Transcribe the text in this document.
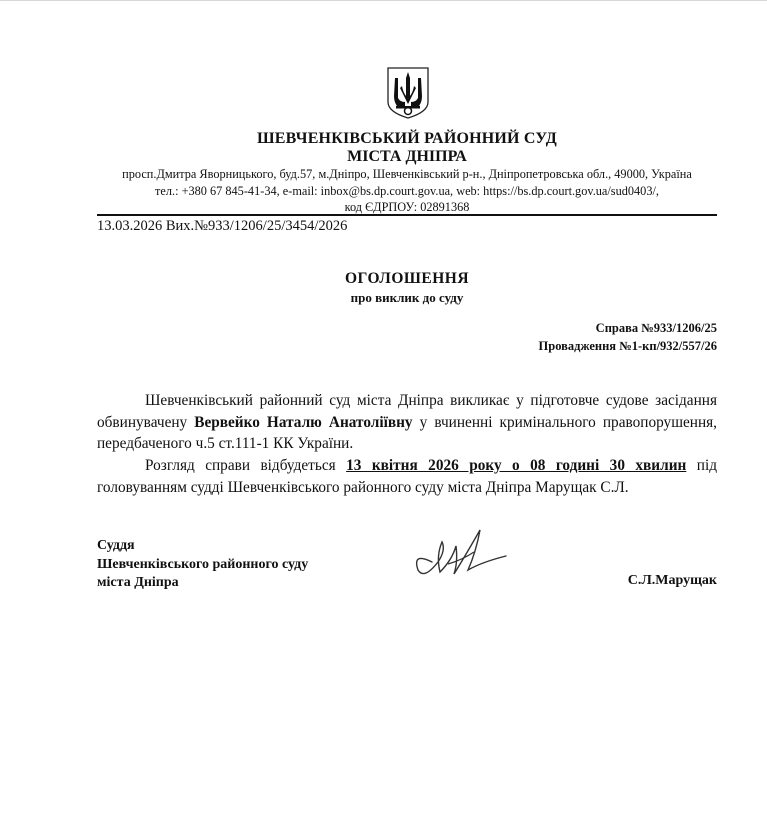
ШЕВЧЕНКІВСЬКИЙ РАЙОННИЙ СУД
МІСТА ДНІПРА
просп.Дмитра Яворницького, буд.57, м.Дніпро, Шевченківський р-н., Дніпропетровська обл., 49000, Україна
тел.: +380 67 845-41-34, e-mail: inbox@bs.dp.court.gov.ua, web: https://bs.dp.court.gov.ua/sud0403/,
код ЄДРПОУ: 02891368
13.03.2026 Вих.№933/1206/25/3454/2026
ОГОЛОШЕННЯ
про виклик до суду
Справа №933/1206/25
Провадження №1-кп/932/557/26
Шевченківський районний суд міста Дніпра викликає у підготовче судове засідання обвинувачену Вервейко Наталю Анатоліївну у вчиненні кримінального правопорушення, передбаченого ч.5 ст.111-1 КК України.
Розгляд справи відбудеться 13 квітня 2026 року о 08 годині 30 хвилин під головуванням судді Шевченківського районного суду міста Дніпра Марущак С.Л.
Суддя
Шевченківського районного суду
міста Дніпра	С.Л.Марущак
